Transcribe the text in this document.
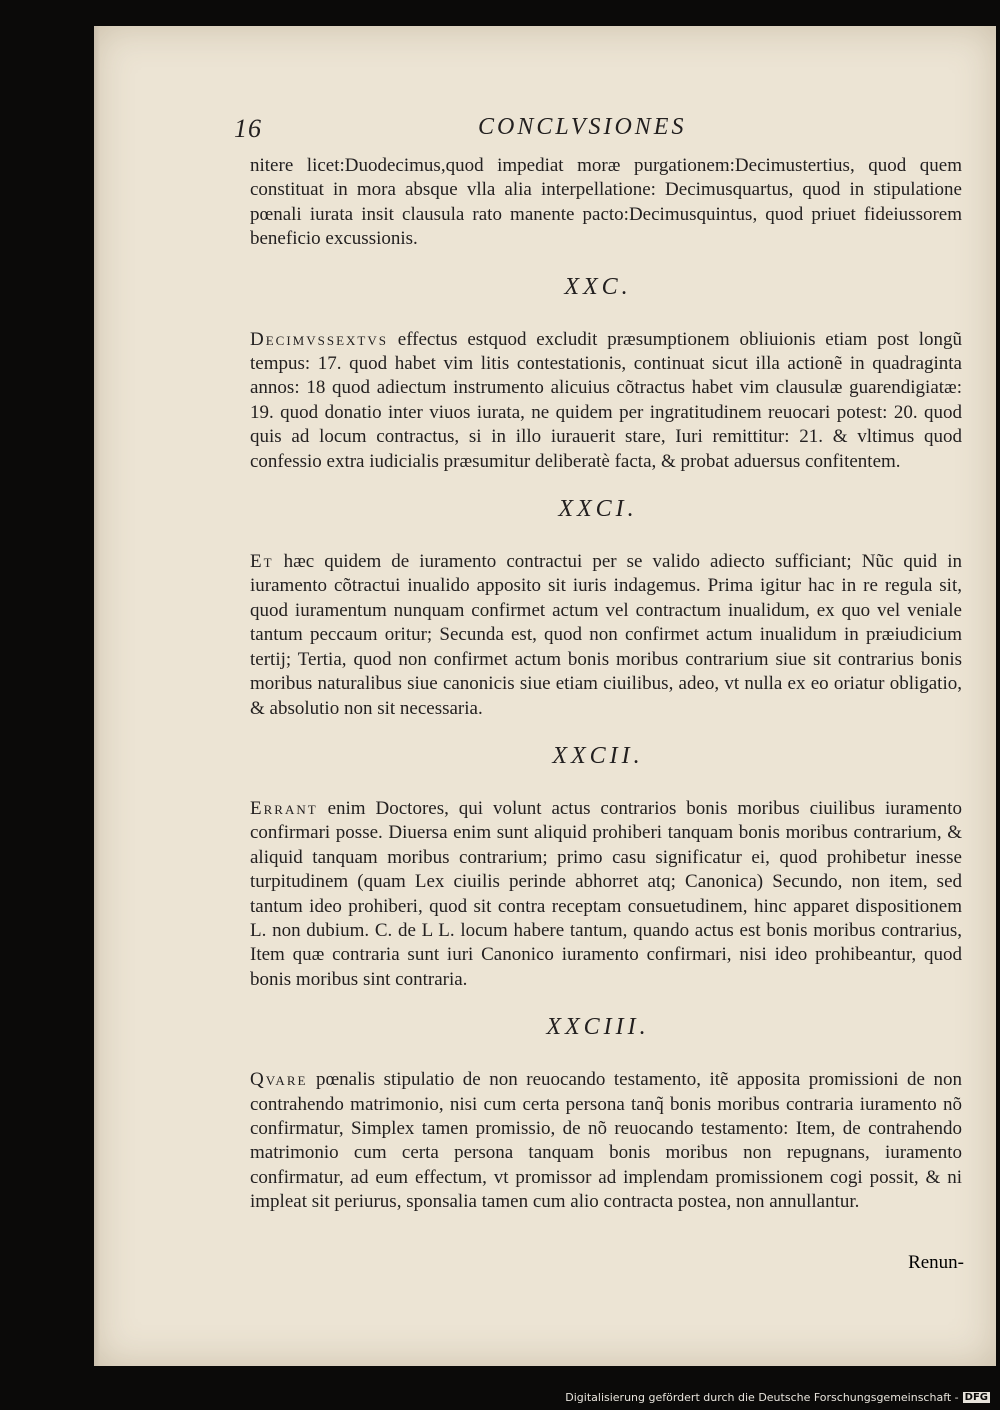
16	CONCLVSIONES

nitere licet:Duodecimus,quod impediat moræ purgationem:Decimustertius, quod quem constituat in mora absque vlla alia interpellatione: Decimusquartus, quod in stipulatione pœnali iurata insit clausula rato manente pacto:Decimusquintus, quod priuet fideiussorem beneficio excussionis.

XXC.

Decimvssextvs effectus estquod excludit præsumptionem obliuionis etiam post longũ tempus: 17. quod habet vim litis contestationis, continuat sicut illa actionẽ in quadraginta annos: 18 quod adiectum instrumento alicuius cõtractus habet vim clausulæ guarendigiatæ: 19. quod donatio inter viuos iurata, ne quidem per ingratitudinem reuocari potest: 20. quod quis ad locum contractus, si in illo iurauerit stare, Iuri remittitur: 21. & vltimus quod confessio extra iudicialis præsumitur deliberatè facta, & probat aduersus confitentem.

XXCI.

Et hæc quidem de iuramento contractui per se valido adiecto sufficiant; Nũc quid in iuramento cõtractui inualido apposito sit iuris indagemus. Prima igitur hac in re regula sit, quod iuramentum nunquam confirmet actum vel contractum inualidum, ex quo vel veniale tantum peccaum oritur; Secunda est, quod non confirmet actum inualidum in præiudicium tertij; Tertia, quod non confirmet actum bonis moribus contrarium siue sit contrarius bonis moribus naturalibus siue canonicis siue etiam ciuilibus, adeo, vt nulla ex eo oriatur obligatio, & absolutio non sit necessaria.

XXCII.

Errant enim Doctores, qui volunt actus contrarios bonis moribus ciuilibus iuramento confirmari posse. Diuersa enim sunt aliquid prohiberi tanquam bonis moribus contrarium, & aliquid tanquam moribus contrarium; primo casu significatur ei, quod prohibetur inesse turpitudinem (quam Lex ciuilis perinde abhorret atq; Canonica) Secundo, non item, sed tantum ideo prohiberi, quod sit contra receptam consuetudinem, hinc apparet dispositionem L. non dubium. C. de L L. locum habere tantum, quando actus est bonis moribus contrarius, Item quæ contraria sunt iuri Canonico iuramento confirmari, nisi ideo prohibeantur, quod bonis moribus sint contraria.

XXCIII.

Qvare pœnalis stipulatio de non reuocando testamento, itẽ apposita promissioni de non contrahendo matrimonio, nisi cum certa persona tanq̃ bonis moribus contraria iuramento nõ confirmatur, Simplex tamen promissio, de nõ reuocando testamento: Item, de contrahendo matrimonio cum certa persona tanquam bonis moribus non repugnans, iuramento confirmatur, ad eum effectum, vt promissor ad implendam promissionem cogi possit, & ni impleat sit periurus, sponsalia tamen cum alio contracta postea, non annullantur.

Renun-
Digitalisierung gefördert durch die Deutsche Forschungsgemeinschaft - DFG
